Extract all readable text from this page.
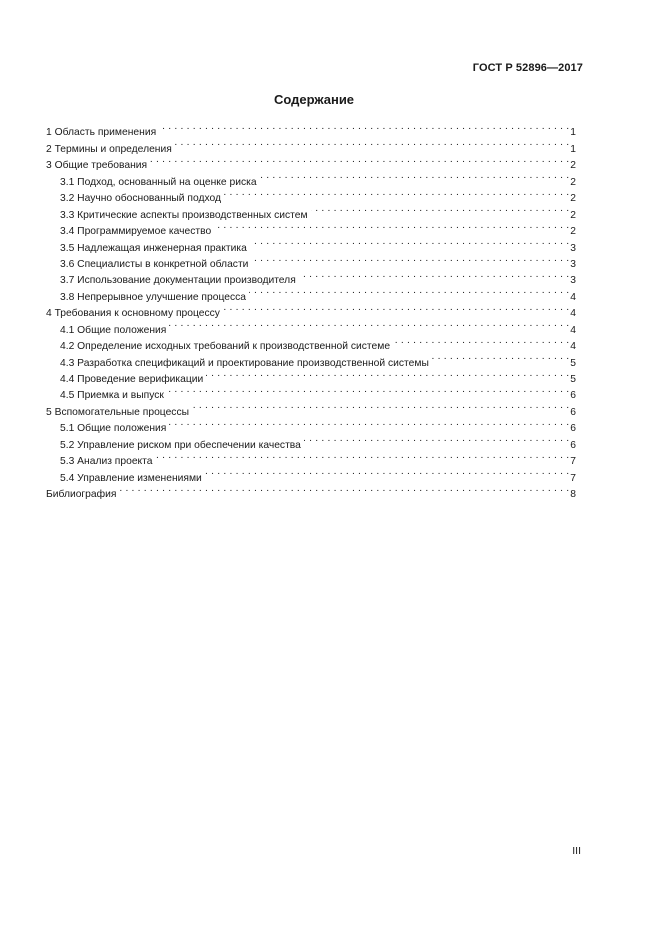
ГОСТ Р 52896—2017
Содержание
1 Область применения . . .	1
2 Термины и определения . . .	1
3 Общие требования . . .	2
3.1 Подход, основанный на оценке риска . . .	2
3.2 Научно обоснованный подход . . .	2
3.3 Критические аспекты производственных систем . . .	2
3.4 Программируемое качество . . .	2
3.5 Надлежащая инженерная практика . . .	3
3.6 Специалисты в конкретной области . . .	3
3.7 Использование документации производителя . . .	3
3.8 Непрерывное улучшение процесса . . .	4
4 Требования к основному процессу . . .	4
4.1 Общие положения . . .	4
4.2 Определение исходных требований к производственной системе . . .	4
4.3 Разработка спецификаций и проектирование производственной системы . . .	5
4.4 Проведение верификации . . .	5
4.5 Приемка и выпуск . . .	6
5 Вспомогательные процессы . . .	6
5.1 Общие положения . . .	6
5.2 Управление риском при обеспечении качества . . .	6
5.3 Анализ проекта . . .	7
5.4 Управление изменениями . . .	7
Библиография . . .	8
III
